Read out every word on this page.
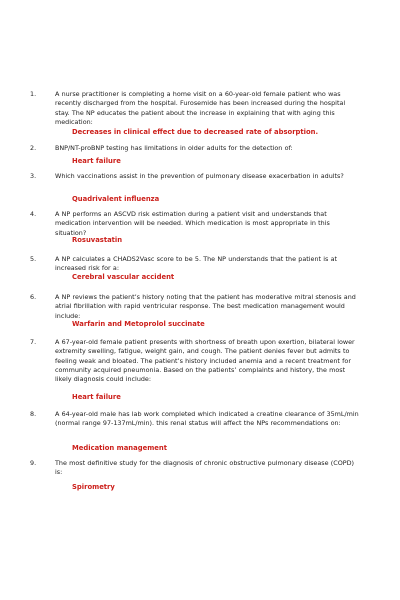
1.	A nurse practitioner is completing a home visit on a 60-year-old female patient who was recently discharged from the hospital. Furosemide has been increased during the hospital stay. The NP educates the patient about the increase in explaining that with aging this medication:
Decreases in clinical effect due to decreased rate of absorption.
2.	BNP/NT-proBNP testing has limitations in older adults for the detection of:
Heart failure
3.	Which vaccinations assist in the prevention of pulmonary disease exacerbation in adults?
Quadrivalent influenza
4.	A NP performs an ASCVD risk estimation during a patient visit and understands that medication intervention will be needed. Which medication is most appropriate in this situation?
Rosuvastatin
5.	A NP calculates a CHADS2Vasc score to be 5. The NP understands that the patient is at increased risk for a:
Cerebral vascular accident
6.	A NP reviews the patient’s history noting that the patient has moderative mitral stenosis and atrial fibrillation with rapid ventricular response. The best medication management would include:
Warfarin and Metoprolol succinate
7.	A 67-year-old female patient presents with shortness of breath upon exertion, bilateral lower extremity swelling, fatigue, weight gain, and cough. The patient denies fever but admits to feeling weak and bloated. The patient’s history included anemia and a recent treatment for community acquired pneumonia. Based on the patients’ complaints and history, the most likely diagnosis could include:
Heart failure
8.	A 64-year-old male has lab work completed which indicated a creatine clearance of 35mL/min (normal range 97-137mL/min). this renal status will affect the NPs recommendations on:
Medication management
9.	The most definitive study for the diagnosis of chronic obstructive pulmonary disease (COPD) is:
Spirometry
